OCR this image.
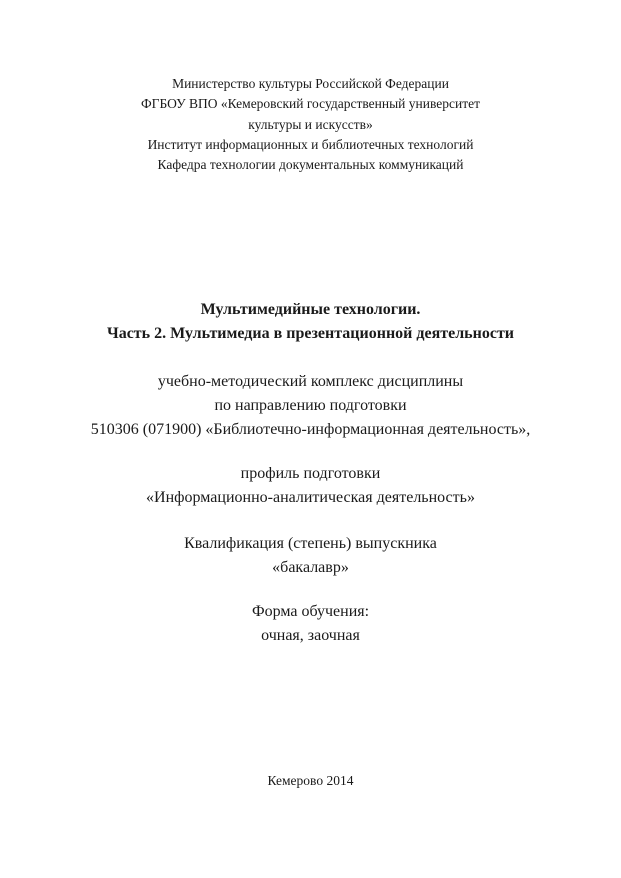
Министерство культуры Российской Федерации
ФГБОУ ВПО «Кемеровский государственный университет
культуры и искусств»
Институт информационных и библиотечных технологий
Кафедра технологии документальных коммуникаций
Мультимедийные технологии.
Часть 2. Мультимедиа в презентационной деятельности
учебно-методический комплекс дисциплины
по направлению подготовки
510306 (071900) «Библиотечно-информационная деятельность»,
профиль подготовки
«Информационно-аналитическая деятельность»
Квалификация (степень) выпускника
«бакалавр»
Форма обучения:
очная, заочная
Кемерово 2014
